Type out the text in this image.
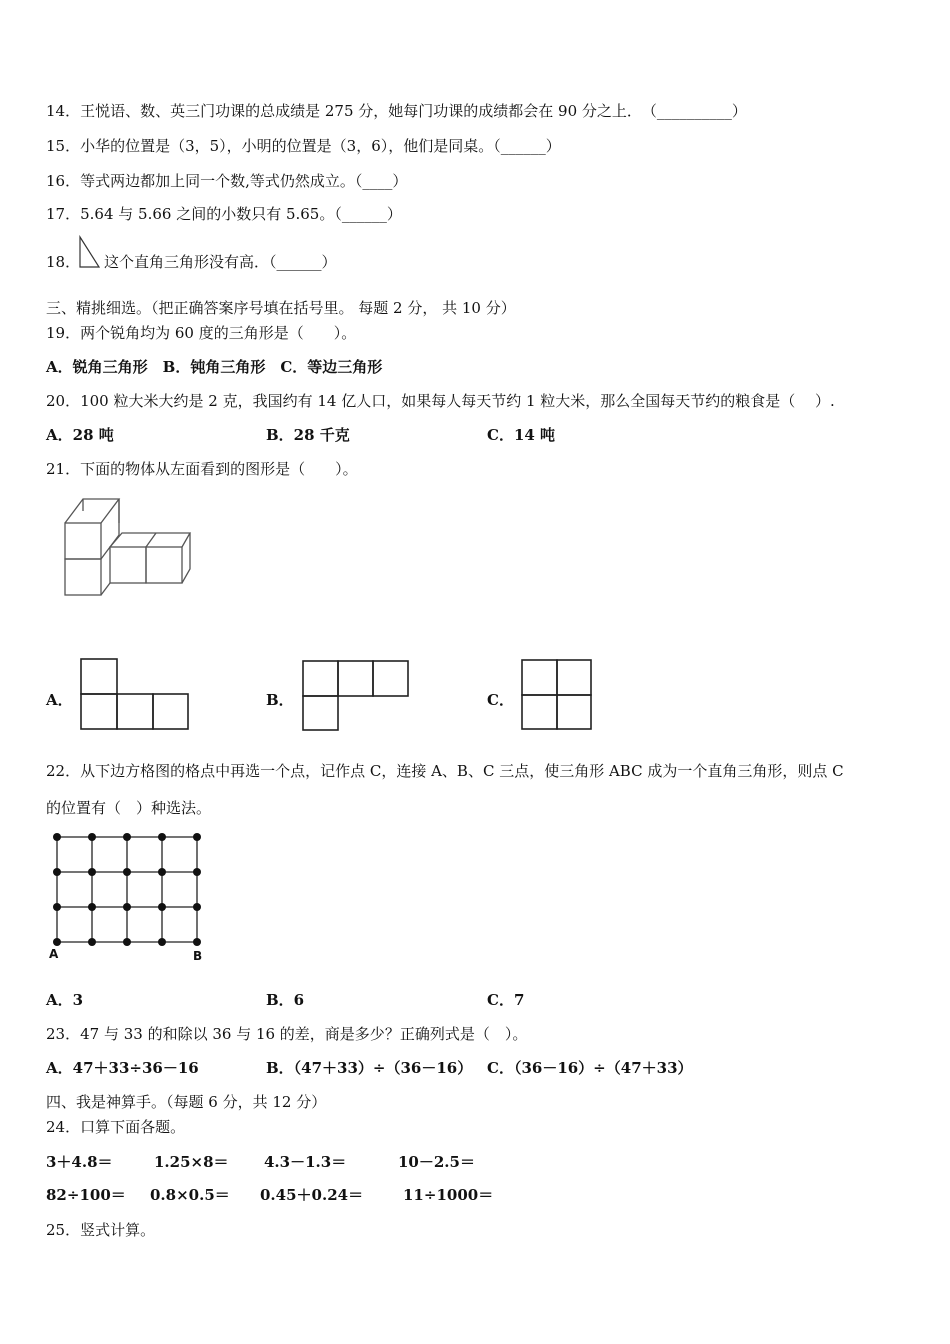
14．王悦语、数、英三门功课的总成绩是 275 分，她每门功课的成绩都会在 90 分之上．　（__________）
15．小华的位置是（3，5），小明的位置是（3，6），他们是同桌。（______）
16．等式两边都加上同一个数,等式仍然成立。（____）
17．5.64 与 5.66 之间的小数只有 5.65。（______）
18． 这个直角三角形没有高．（______）
三、精挑细选。（把正确答案序号填在括号里。 每题 2 分， 共 10 分）
19．两个锐角均为 60 度的三角形是（　　）。
A．锐角三角形　B．钝角三角形　C．等边三角形
20．100 粒大米大约是 2 克，我国约有 14 亿人口，如果每人每天节约 1 粒大米，那么全国每天节约的粮食是（　 ）.
A．28 吨	B．28 千克	C．14 吨
21．下面的物体从左面看到的图形是（　　）。
A．	B．	C．
22．从下边方格图的格点中再选一个点，记作点 C，连接 A、B、C 三点，使三角形 ABC 成为一个直角三角形，则点 C
的位置有（　）种选法。
A	B
A．3	B．6	C．7
23．47 与 33 的和除以 36 与 16 的差，商是多少？正确列式是（　）。
A．47＋33÷36－16	B．（47＋33）÷（36－16） C．（36－16）÷（47＋33）
四、我是神算手。（每题 6 分，共 12 分）
24．口算下面各题。
3＋4.8＝	1.25×8＝ 4.3－1.3＝	10－2.5＝
82÷100＝ 0.8×0.5＝ 0.45＋0.24＝	11÷1000＝
25．竖式计算。
